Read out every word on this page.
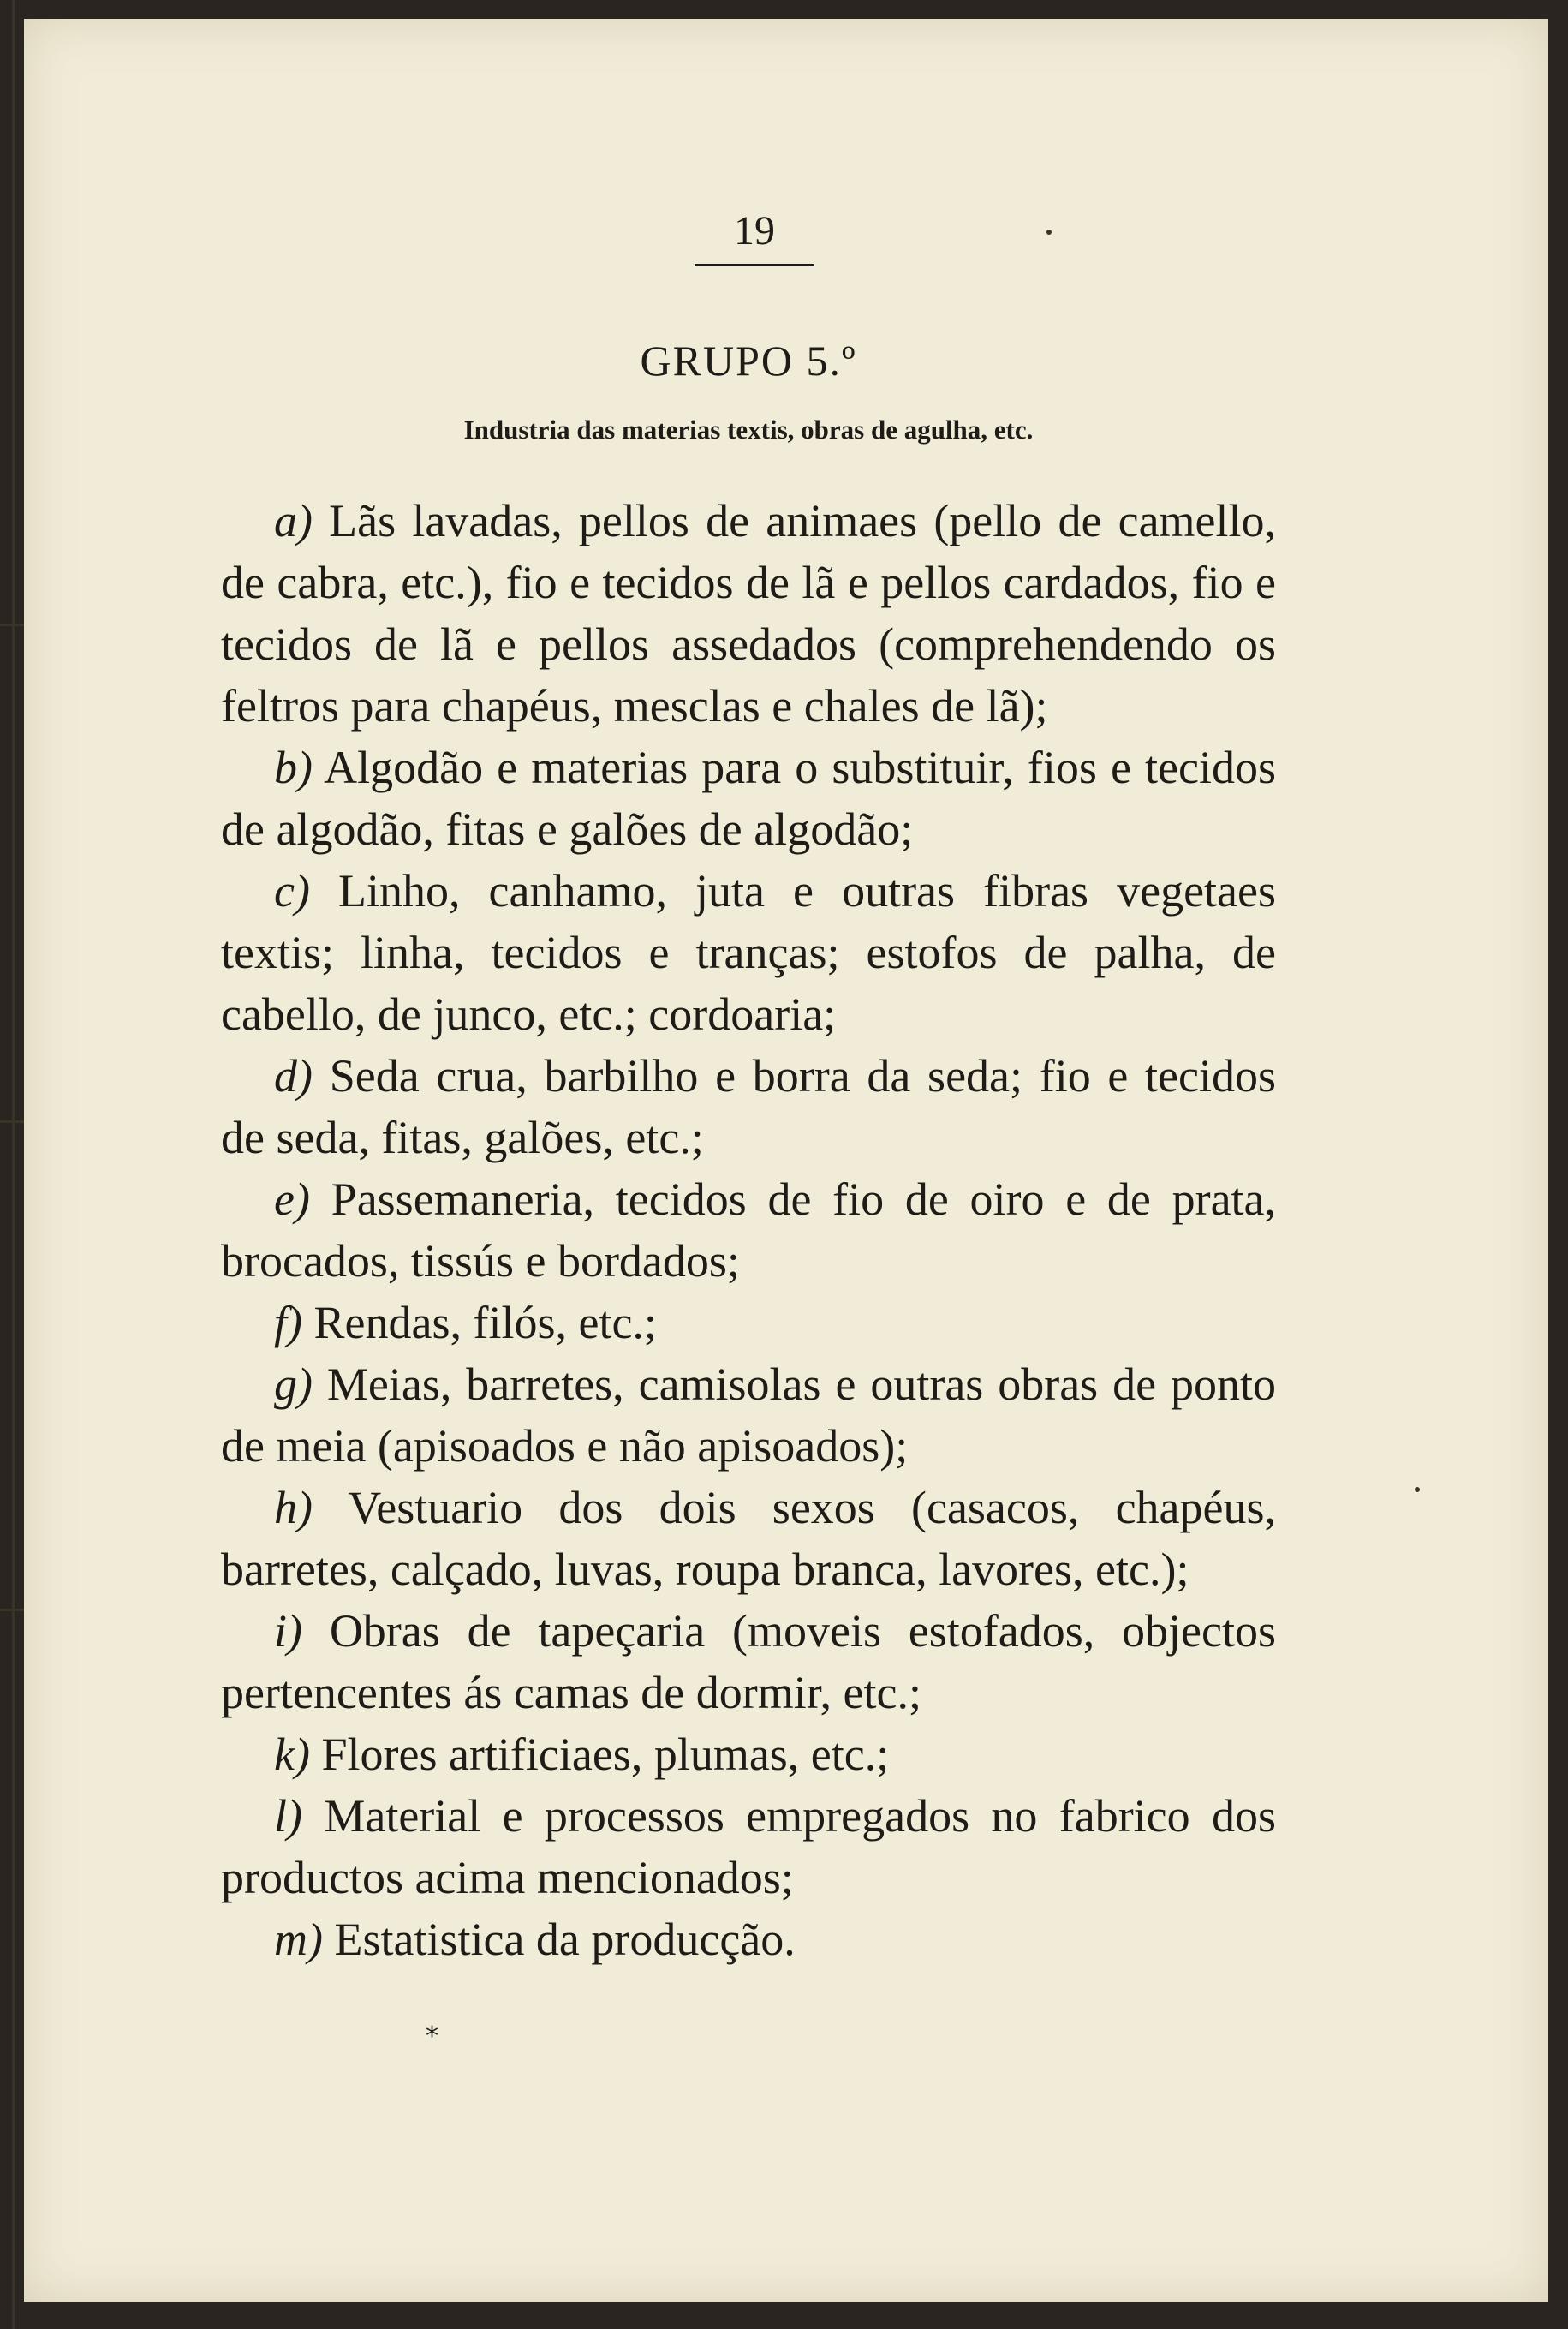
19
GRUPO 5.º
Industria das materias textis, obras de agulha, etc.

a) Lãs lavadas, pellos de animaes (pello de camello, de cabra, etc.), fio e tecidos de lã e pellos cardados, fio e tecidos de lã e pellos assedados (comprehendendo os feltros para chapéus, mesclas e chales de lã);

b) Algodão e materias para o substituir, fios e tecidos de algodão, fitas e galões de algodão;

c) Linho, canhamo, juta e outras fibras vegetaes textis; linha, tecidos e tranças; estofos de palha, de cabello, de junco, etc.; cordoaria;

d) Seda crua, barbilho e borra da seda; fio e tecidos de seda, fitas, galões, etc.;

e) Passemaneria, tecidos de fio de oiro e de prata, brocados, tissús e bordados;

f) Rendas, filós, etc.;

g) Meias, barretes, camisolas e outras obras de ponto de meia (apisoados e não apisoados);

h) Vestuario dos dois sexos (casacos, chapéus, barretes, calçado, luvas, roupa branca, lavores, etc.);

i) Obras de tapeçaria (moveis estofados, objectos pertencentes ás camas de dormir, etc.;

k) Flores artificiaes, plumas, etc.;

l) Material e processos empregados no fabrico dos productos acima mencionados;

m) Estatistica da producção.

*
